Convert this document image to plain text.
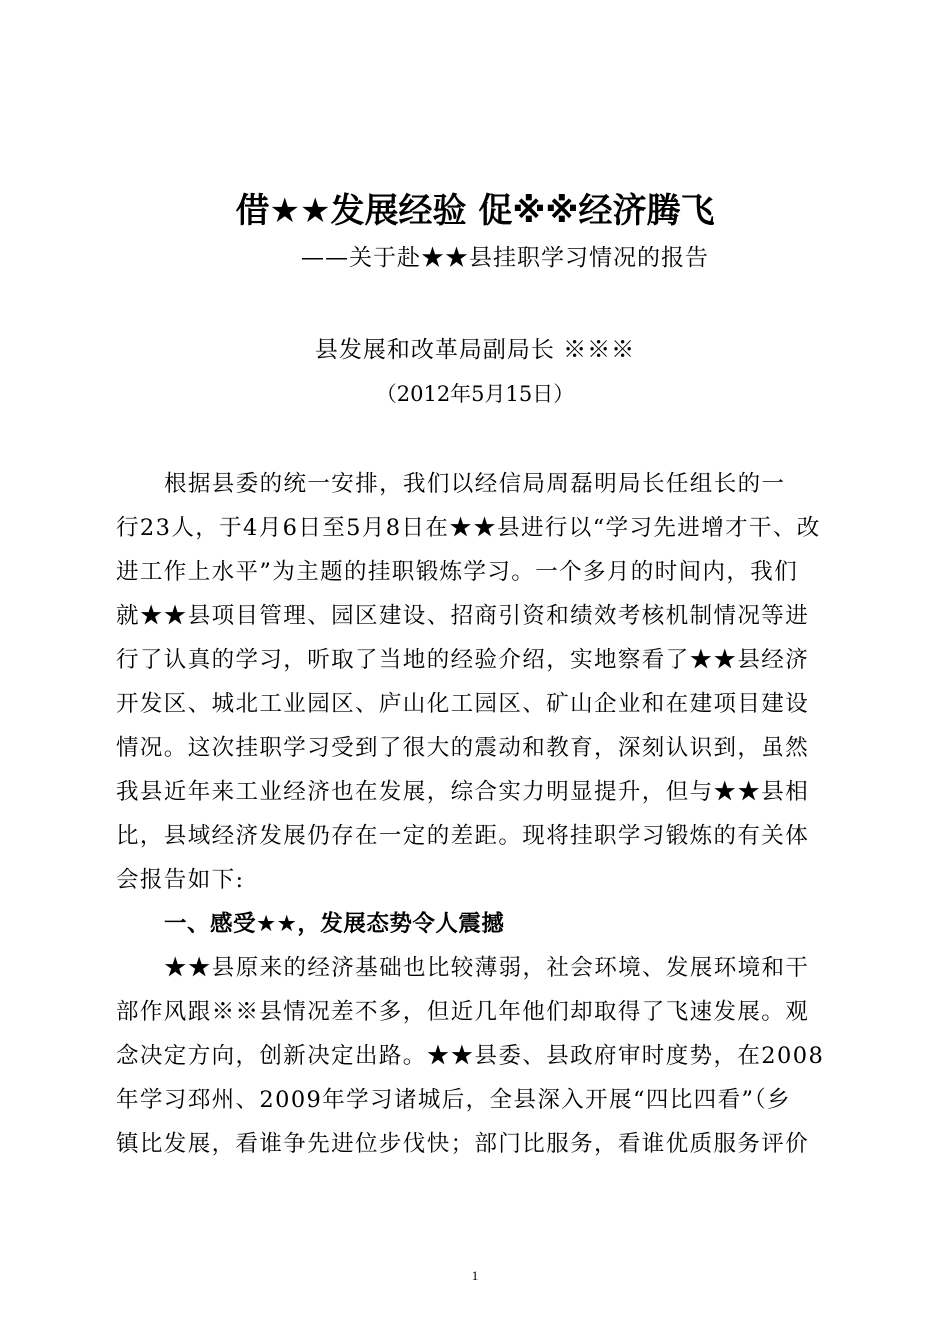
借★★发展经验 促※※经济腾飞
——关于赴★★县挂职学习情况的报告
县发展和改革局副局长 ※※※
（2012年5月15日）
根据县委的统一安排，我们以经信局周磊明局长任组长的一
行23人，于4月6日至5月8日在★★县进行以“学习先进增才干、改
进工作上水平”为主题的挂职锻炼学习。一个多月的时间内，我们
就★★县项目管理、园区建设、招商引资和绩效考核机制情况等进
行了认真的学习，听取了当地的经验介绍，实地察看了★★县经济
开发区、城北工业园区、庐山化工园区、矿山企业和在建项目建设
情况。这次挂职学习受到了很大的震动和教育，深刻认识到，虽然
我县近年来工业经济也在发展，综合实力明显提升，但与★★县相
比，县域经济发展仍存在一定的差距。现将挂职学习锻炼的有关体
会报告如下:
一、感受★★，发展态势令人震撼
★★县原来的经济基础也比较薄弱，社会环境、发展环境和干
部作风跟※※县情况差不多，但近几年他们却取得了飞速发展。观
念决定方向，创新决定出路。★★县委、县政府审时度势，在2008
年学习邳州、2009年学习诸城后，全县深入开展“四比四看”（乡
镇比发展，看谁争先进位步伐快；部门比服务，看谁优质服务评价
1
